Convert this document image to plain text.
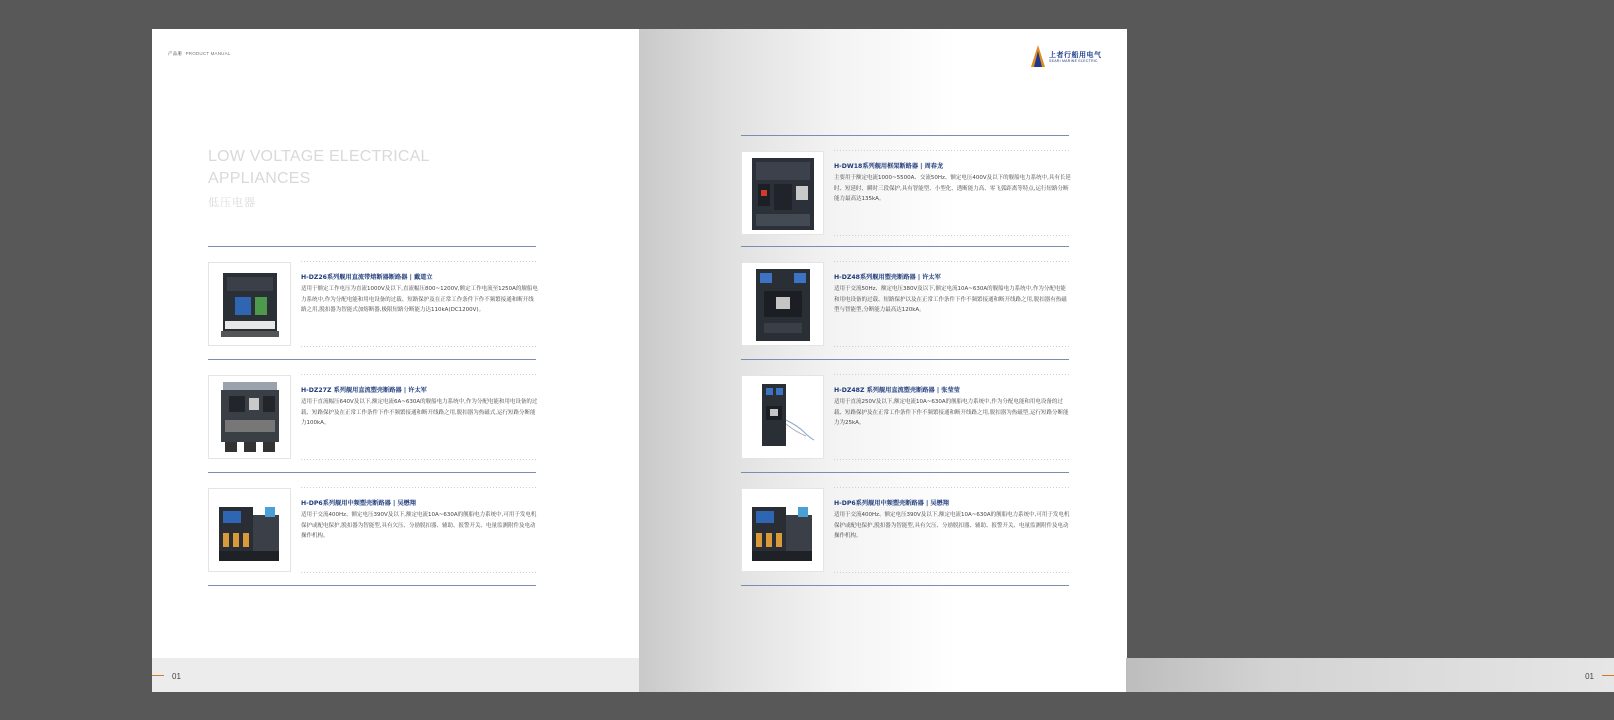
产品册 PRODUCT MANUAL
LOW VOLTAGE ELECTRICAL APPLIANCES
低压电器
H-DZ26系列舰用直流带熔断器断路器 | 戴道立
适用于额定工作电压为直流1000V及以下,直流幅压800~1200V,额定工作电流至1250A的舰船电力系统中,作为分配电能和用电设备的过载、短路保护及在正常工作条件下作不频繁接通和断开线路之用,脱扣器为智能式加熔断器,极限短路分断能力达110kA(DC1200V)。
H-DZ27Z 系列舰用直流塑壳断路器 | 许太军
适用于直流幅压640V及以下,额定电流6A~630A的舰船电力系统中,作为分配电能和用电设备的过载、短路保护及在正常工作条件下作不频繁接通和断开线路之用,脱扣器为热磁式,运行短路分断能力100kA。
H-DP6系列舰用中频塑壳断路器 | 吴懋翔
适用于交流400Hz、额定电压390V及以下,额定电流10A~630A的舰船电力系统中,可用于发电机保护或配电保护,脱扣器为智能型,具有欠压、分励脱扣器、辅助、报警开关、电量监测附件及电动操作机构。
01
上者行船用电气
SEARI MARINE ELECTRIC
H-DW18系列舰用框架断路器 | 周春龙
主要用于额定电流1000~5500A、交流50Hz、额定电压400V及以下的舰船电力系统中,具有长延时、短延时、瞬时三段保护,具有智能型、小型化、透断能力高、零飞弧距离等特点,运行短路分断能力最高达135kA。
H-DZ48系列舰用塑壳断路器 | 许太军
适用于交流50Hz、额定电压380V及以下,额定电流10A~630A的舰船电力系统中,作为分配电能和用电设备的过载、短路保护以及在正常工作条件下作不频繁接通和断开线路之用,脱扣器有热磁型与智能型,分断能力最高达120kA。
H-DZ48Z 系列舰用直流塑壳断路器 | 张莹莹
适用于直流250V及以下,额定电流10A~630A的舰船电力系统中,作为分配电能和用电设备的过载、短路保护及在正常工作条件下作不频繁接通和断开线路之用,脱扣器为热磁型,运行短路分断能力为25kA。
H-DP6系列舰用中频塑壳断路器 | 吴懋翔
适用于交流400Hz、额定电压390V及以下,额定电流10A~630A的舰船电力系统中,可用于发电机保护或配电保护,脱扣器为智能型,具有欠压、分励脱扣器、辅助、报警开关、电量监测附件及电动操作机构。
01
